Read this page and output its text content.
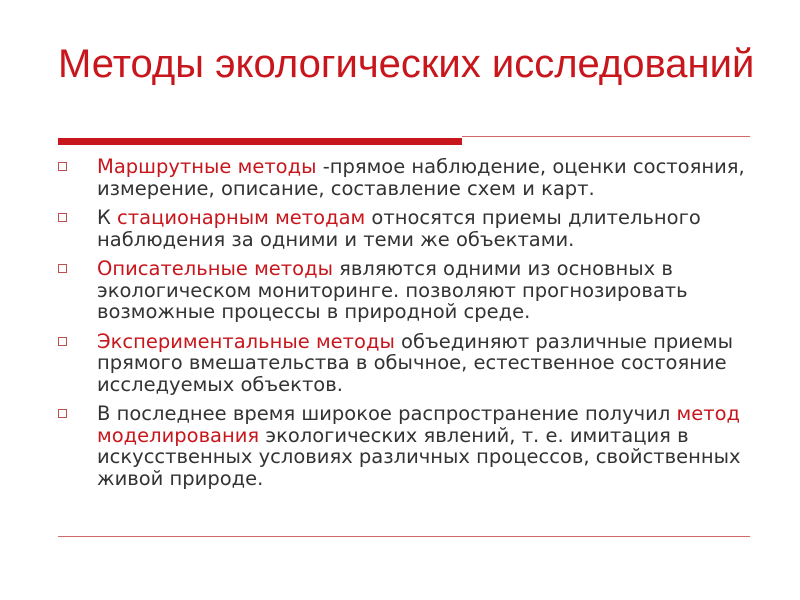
Методы экологических исследований
Маршрутные методы -прямое наблюдение, оценки состояния, измерение, описание, составление схем и карт.
К стационарным методам относятся приемы длительного наблюдения за одними и теми же объектами.
Описательные методы являются одними из основных в экологическом мониторинге. позволяют прогнозировать возможные процессы в природной среде.
Экспериментальные методы объединяют различные приемы прямого вмешательства в обычное, естественное состояние исследуемых объектов.
В последнее время широкое распространение получил метод моделирования экологических явлений, т. е. имитация в искусственных условиях различных процессов, свойственных живой природе.
